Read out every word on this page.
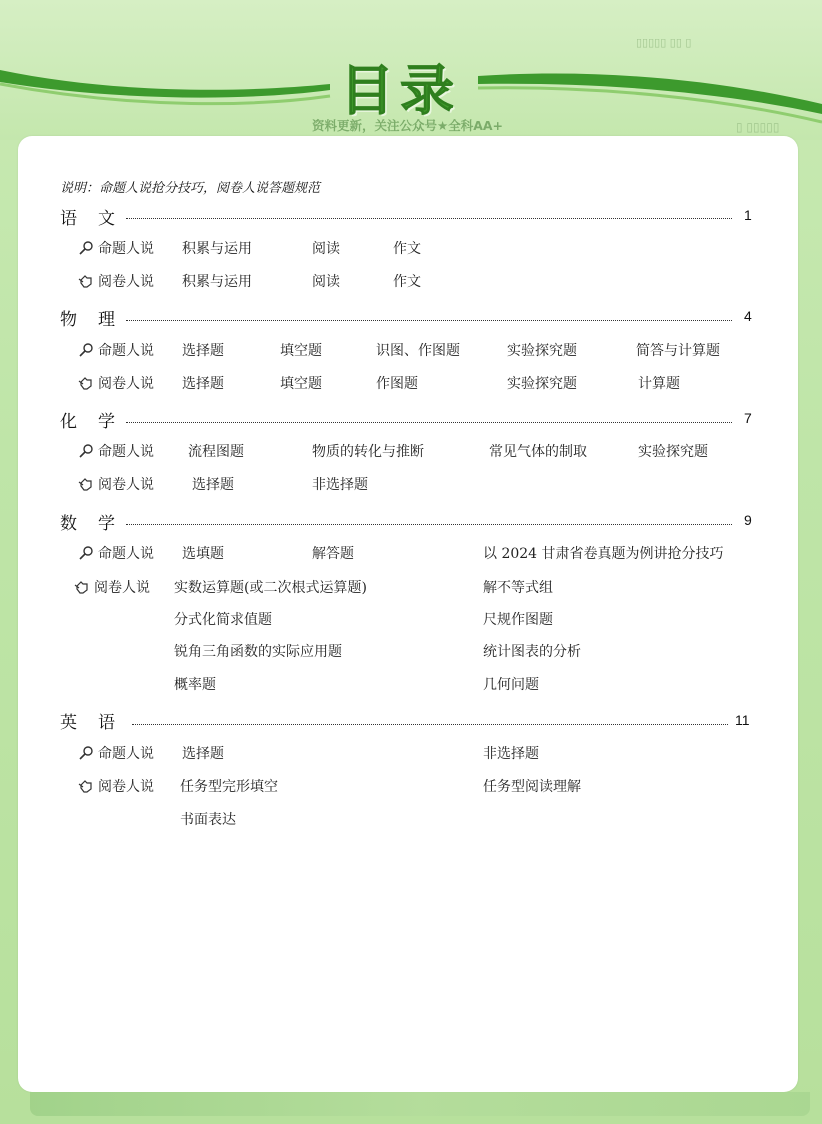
▯▯▯▯▯ ▯▯ ▯
▯ ▯▯▯▯▯
目录
资料更新，关注公众号★全科AA+
说明：命题人说抢分技巧，阅卷人说答题规范
语　文	1
命题人说 积累与运用	阅读	作文
阅卷人说 积累与运用	阅读	作文
物　理	4
命题人说 选择题	填空题	识图、作图题	实验探究题	简答与计算题
阅卷人说 选择题	填空题	作图题	实验探究题	计算题
化　学	7
命题人说 流程图题	物质的转化与推断	常见气体的制取	实验探究题
阅卷人说	选择题	非选择题
数　学	9
命题人说 选填题	解答题	以 2024 甘肃省卷真题为例讲抢分技巧
阅卷人说 实数运算题(或二次根式运算题)	解不等式组
分式化简求值题	尺规作图题
锐角三角函数的实际应用题	统计图表的分析
概率题	几何问题
英　语	11
命题人说 选择题	非选择题
阅卷人说 任务型完形填空	任务型阅读理解
书面表达
